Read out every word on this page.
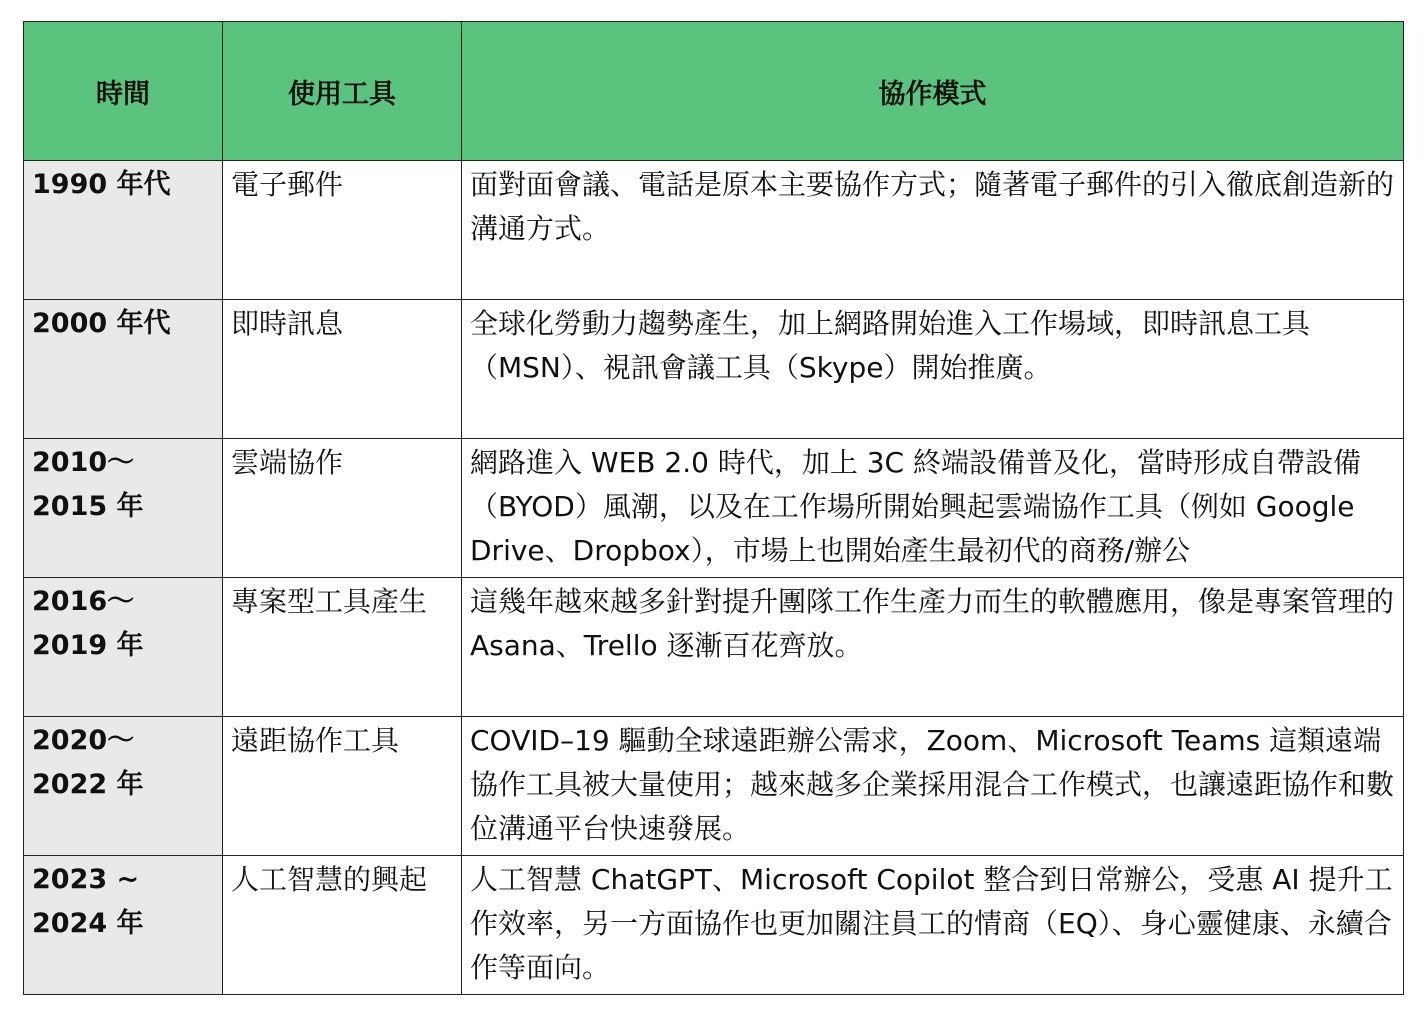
時間	使用工具	協作模式

1990 年代	電子郵件	面對面會議、電話是原本主要協作方式；隨著電子郵件的引入徹底創造新的溝通方式。

2000 年代	即時訊息	全球化勞動力趨勢產生，加上網路開始進入工作場域，即時訊息工具（MSN）、視訊會議工具（Skype）開始推廣。

2010～
2015 年	雲端協作	網路進入 WEB 2.0 時代，加上 3C 終端設備普及化，當時形成自帶設備（BYOD）風潮，以及在工作場所開始興起雲端協作工具（例如 Google Drive、Dropbox），市場上也開始產生最初代的商務/辦公

2016～
2019 年	專案型工具產生	這幾年越來越多針對提升團隊工作生產力而生的軟體應用，像是專案管理的 Asana、Trello 逐漸百花齊放。

2020～
2022 年	遠距協作工具	COVID–19 驅動全球遠距辦公需求，Zoom、Microsoft Teams 這類遠端協作工具被大量使用；越來越多企業採用混合工作模式，也讓遠距協作和數位溝通平台快速發展。

2023 ~
2024 年	人工智慧的興起	人工智慧 ChatGPT、Microsoft Copilot 整合到日常辦公，受惠 AI 提升工作效率，另一方面協作也更加關注員工的情商（EQ）、身心靈健康、永續合作等面向。
